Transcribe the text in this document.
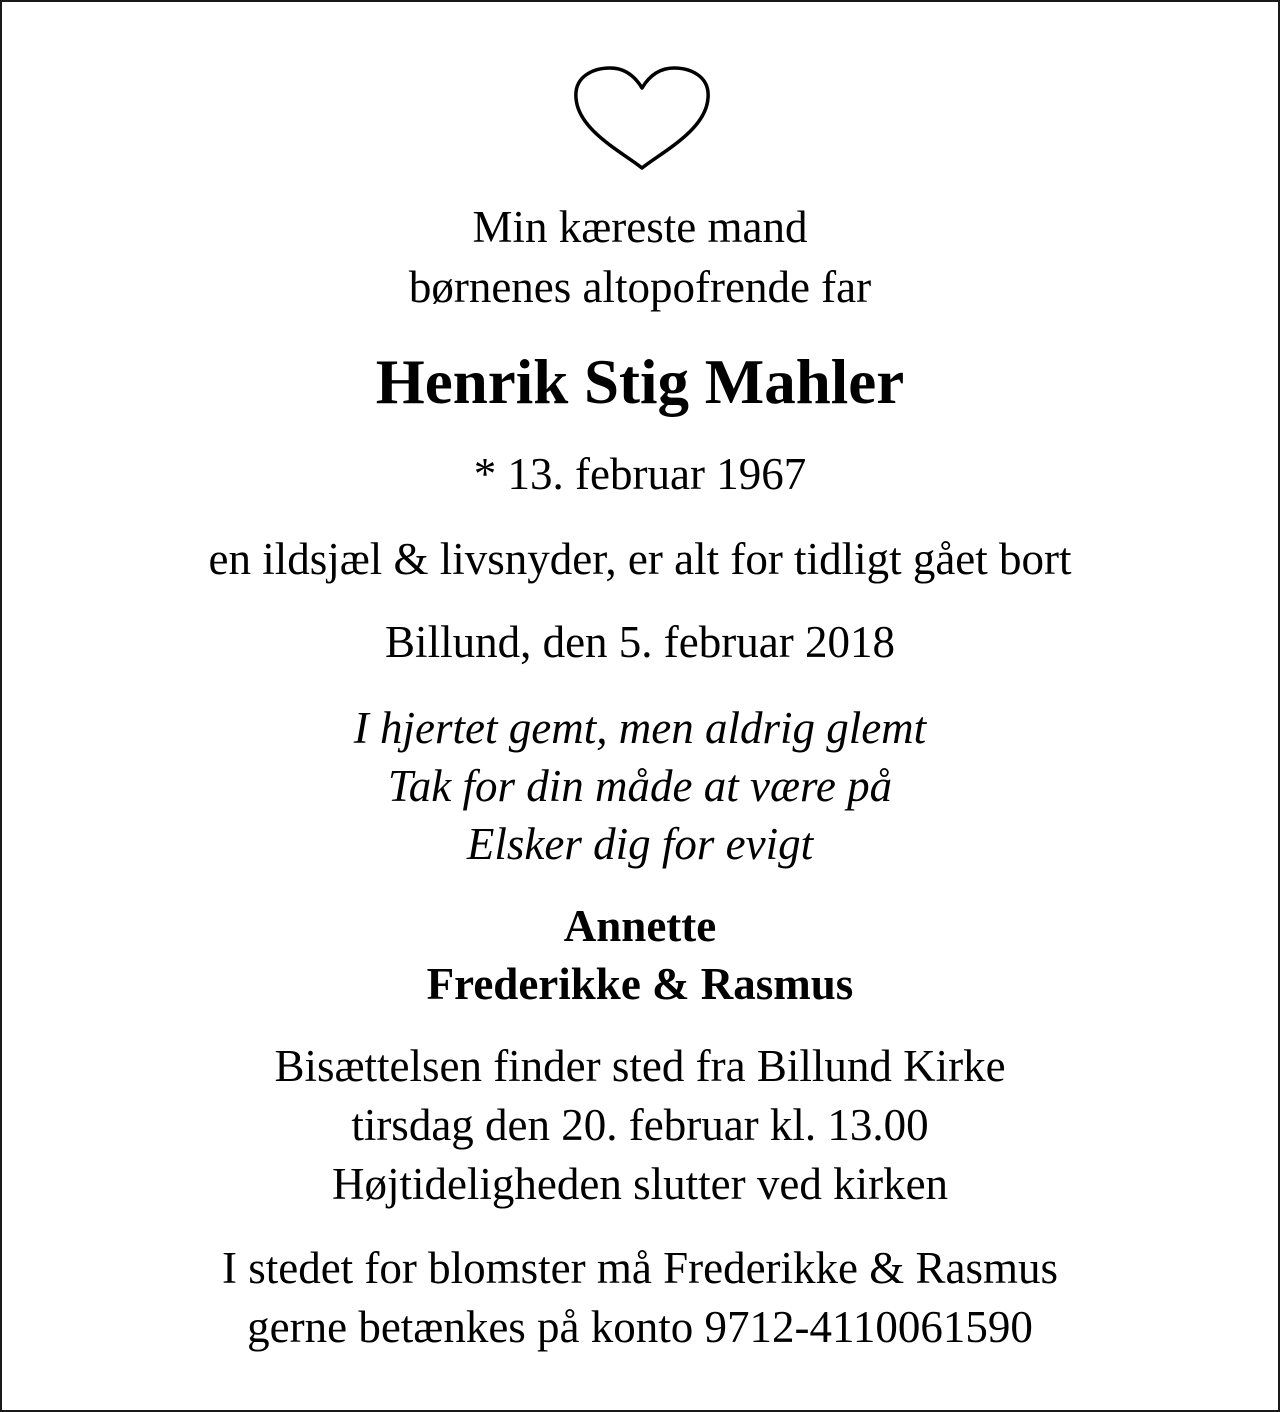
Min kæreste mand
børnenes altopofrende far
Henrik Stig Mahler
* 13. februar 1967
en ildsjæl & livsnyder, er alt for tidligt gået bort
Billund, den 5. februar 2018
I hjertet gemt, men aldrig glemt
Tak for din måde at være på
Elsker dig for evigt
Annette
Frederikke & Rasmus
Bisættelsen finder sted fra Billund Kirke
tirsdag den 20. februar kl. 13.00
Højtideligheden slutter ved kirken
I stedet for blomster må Frederikke & Rasmus
gerne betænkes på konto 9712-4110061590
